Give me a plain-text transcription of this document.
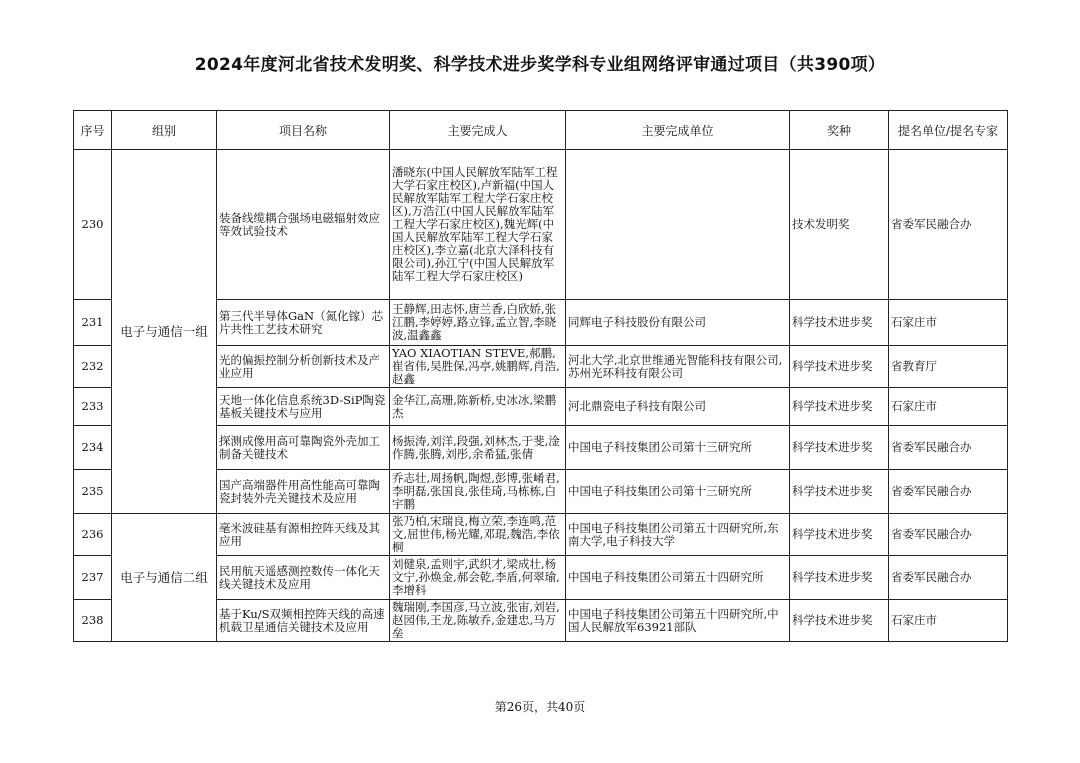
2024年度河北省技术发明奖、科学技术进步奖学科专业组网络评审通过项目（共390项）
序号	组别	项目名称	主要完成人	主要完成单位	奖种	提名单位/提名专家
230	电子与通信一组	装备线缆耦合强场电磁辐射效应等效试验技术	潘晓东(中国人民解放军陆军工程大学石家庄校区),卢新福(中国人民解放军陆军工程大学石家庄校区),万浩江(中国人民解放军陆军工程大学石家庄校区),魏光辉(中国人民解放军陆军工程大学石家庄校区),李立嘉(北京大泽科技有限公司),孙江宁(中国人民解放军陆军工程大学石家庄校区)		技术发明奖	省委军民融合办
231		第三代半导体GaN（氮化镓）芯片共性工艺技术研究	王静辉,田志怀,唐兰香,白欣娇,张江鹏,李婷婷,路立锋,孟立智,李晓波,温鑫鑫	同辉电子科技股份有限公司	科学技术进步奖	石家庄市
232		光的偏振控制分析创新技术及产业应用	YAO XIAOTIAN STEVE,郝鹏,崔省伟,吴胜保,冯亭,姚鹏辉,肖浩,赵鑫	河北大学,北京世维通光智能科技有限公司,苏州光环科技有限公司	科学技术进步奖	省教育厅
233		天地一体化信息系统3D-SiP陶瓷基板关键技术与应用	金华江,高珊,陈新桥,史冰冰,梁鹏杰	河北鼎瓷电子科技有限公司	科学技术进步奖	石家庄市
234		探测成像用高可靠陶瓷外壳加工制备关键技术	杨振涛,刘洋,段强,刘林杰,于斐,淦作腾,张腾,刘彤,余希猛,张倩	中国电子科技集团公司第十三研究所	科学技术进步奖	省委军民融合办
235		国产高端器件用高性能高可靠陶瓷封装外壳关键技术及应用	乔志壮,周扬帆,陶煜,彭博,张崤君,李明磊,张国良,张佳琦,马栋栋,白宇鹏	中国电子科技集团公司第十三研究所	科学技术进步奖	省委军民融合办
236	电子与通信二组	毫米波硅基有源相控阵天线及其应用	张乃柏,宋瑞良,梅立荣,李连鸣,范文,屈世伟,杨光耀,邓琨,魏浩,李依桐	中国电子科技集团公司第五十四研究所,东南大学,电子科技大学	科学技术进步奖	省委军民融合办
237		民用航天遥感测控数传一体化天线关键技术及应用	刘健泉,孟则宇,武织才,梁成壮,杨文宁,孙焕金,郝会乾,李盾,何翠瑜,李增科	中国电子科技集团公司第五十四研究所	科学技术进步奖	省委军民融合办
238		基于Ku/S双频相控阵天线的高速机载卫星通信关键技术及应用	魏瑞刚,李国彦,马立波,张宙,刘岩,赵园伟,王龙,陈敏乔,金建忠,马万垒	中国电子科技集团公司第五十四研究所,中国人民解放军63921部队	科学技术进步奖	石家庄市
第26页，共40页
